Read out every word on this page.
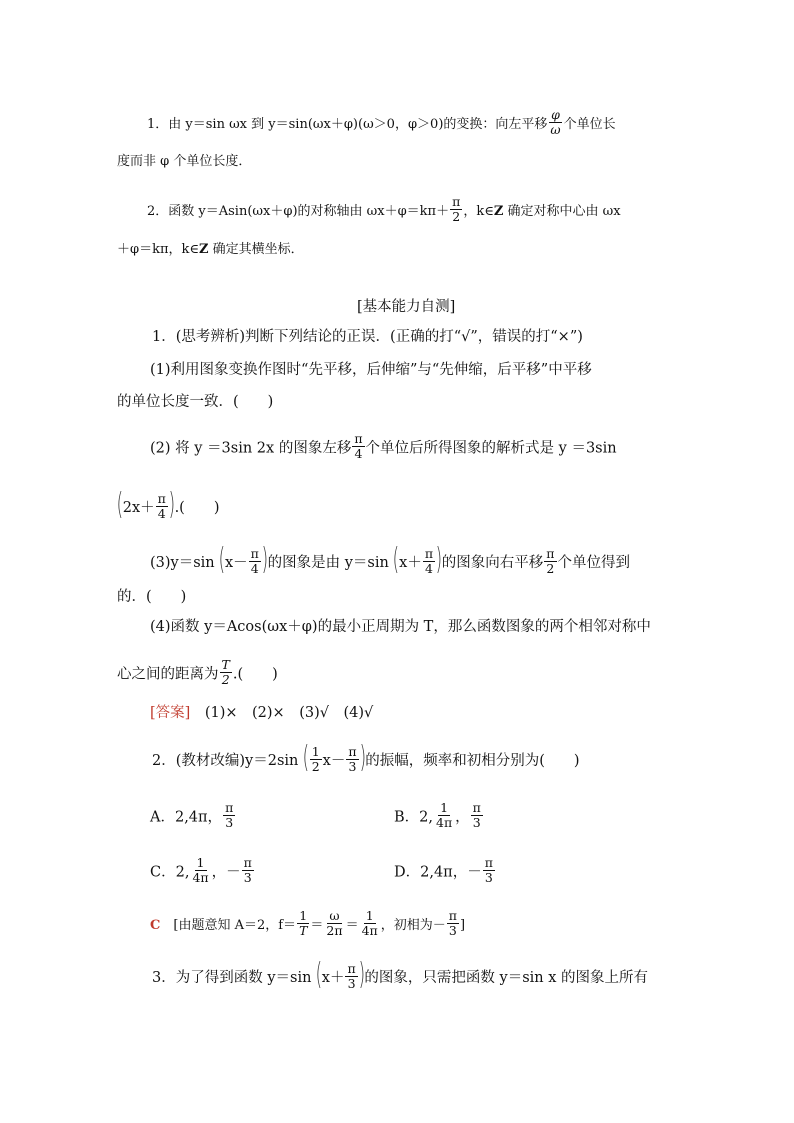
1．由 y＝sin ωx 到 y＝sin(ωx＋φ)(ω＞0，φ＞0)的变换：向左平移 $\frac{\varphi}{\omega}$ 个单位长
度而非 φ 个单位长度．
2．函数 y＝Asin(ωx＋φ)的对称轴由 $\omega x+\varphi=k\pi+ \frac{\pi}{2}$ ，k∈Z 确定对称中心由 ωx
＋φ＝kπ，k∈Z 确定其横坐标．
[基本能力自测]
1．(思考辨析)判断下列结论的正误．(正确的打“√”，错误的打“×”)
(1)利用图象变换作图时“先平移，后伸缩”与“先伸缩，后平移”中平移
的单位长度一致．(　　)
(2) 将 y ＝3sin 2x 的图象左移 $\frac{\pi}{4}$ 个单位后所得图象的解析式是 y ＝3sin
($2x+ \frac{\pi}{4}$ ).(　　)
(3)y＝sin ($x- \frac{\pi}{4}$ )的图象是由 y＝sin ($x+ \frac{\pi}{4}$ )的图象向右平移 $\frac{\pi}{2}$ 个单位得到
的．(　　)
(4)函数 y＝Acos(ωx＋φ)的最小正周期为 T，那么函数图象的两个相邻对称中
心之间的距离为 $\frac{T}{2}$ .(　　)
[答案]　 (1)×　(2)×　(3)√　(4)√
2．(教材改编)y＝2sin ( $\frac{1}{2} x- \frac{\pi}{3}$ )的振幅，频率和初相分别为(　　)
A．2,4π， $\frac{\pi}{3}$	B．2, $\frac{1}{4\pi}$ ， $\frac{\pi}{3}$
C．2, $\frac{1}{4\pi}$ ，－ $\frac{\pi}{3}$	D．2,4π，－ $\frac{\pi}{3}$
C　 [由题意知 A＝2，$f= \frac{1}{T} = \frac{\omega}{2\pi} = \frac{1}{4\pi}$ ，初相为－ $\frac{\pi}{3}$ ]
3．为了得到函数 y＝sin ($x+ \frac{\pi}{3}$ )的图象，只需把函数 y＝sin x 的图象上所有
